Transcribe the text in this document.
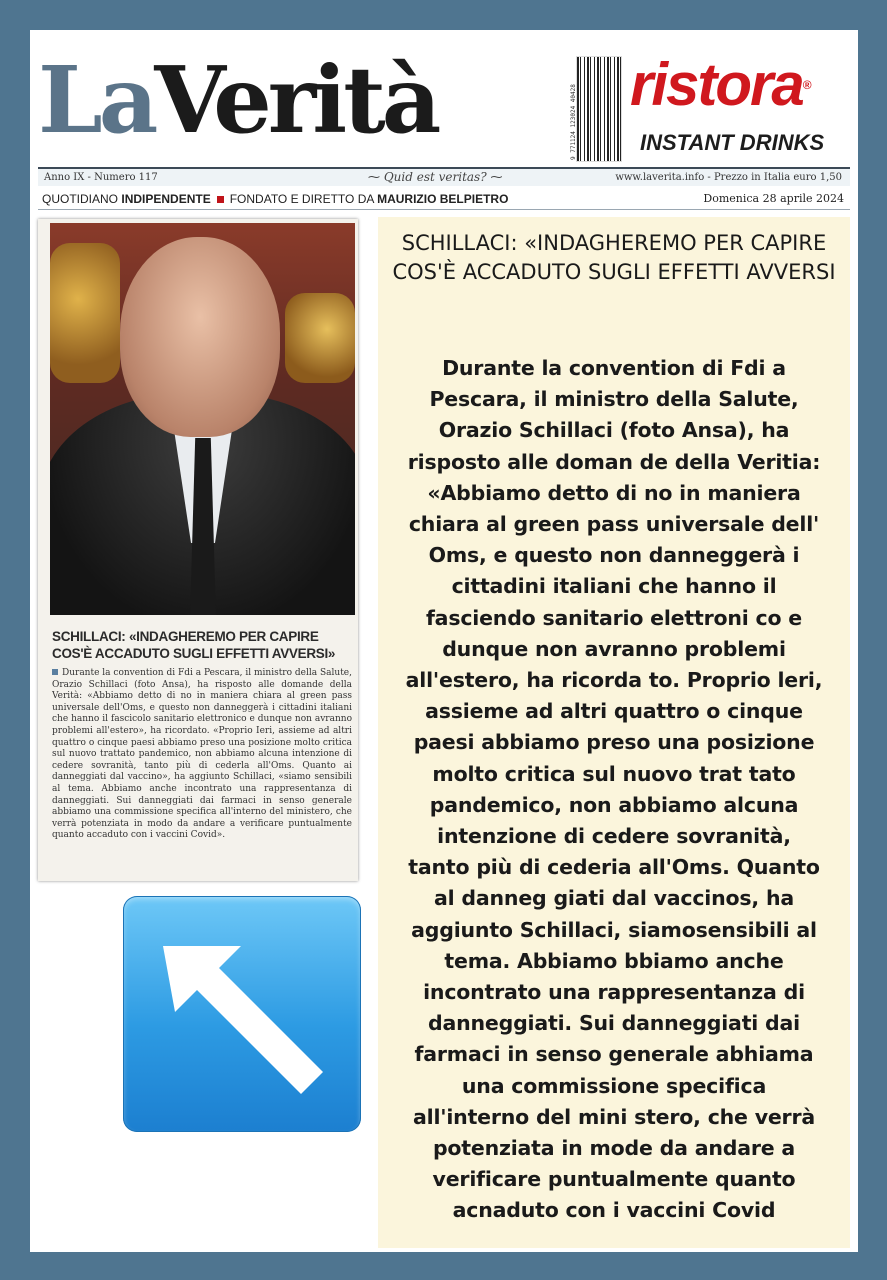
LaVerità	9 771124 123024 40428 ristora®
INSTANT DRINKS
Anno IX - Numero 117	⁓ Quid est veritas? ⁓	www.laverita.info - Prezzo in Italia euro 1,50
QUOTIDIANO INDIPENDENTE FONDATO E DIRETTO DA MAURIZIO BELPIETRO	Domenica 28 aprile 2024
SCHILLACI: «INDAGHEREMO PER CAPIRE COS'È ACCADUTO SUGLI EFFETTI AVVERSI»
Durante la convention di Fdi a Pescara, il ministro della Salute, Orazio Schillaci (foto Ansa), ha risposto alle domande della Verità: «Abbiamo detto di no in maniera chiara al green pass universale dell'Oms, e questo non danneggerà i cittadini italiani che hanno il fascicolo sanitario elettronico e dunque non avranno problemi all'estero», ha ricordato. «Proprio Ieri, assieme ad altri quattro o cinque paesi abbiamo preso una posizione molto critica sul nuovo trattato pandemico, non abbiamo alcuna intenzione di cedere sovranità, tanto più di cederla all'Oms. Quanto ai danneggiati dal vaccino», ha aggiunto Schillaci, «siamo sensibili al tema. Abbiamo anche incontrato una rappresentanza di danneggiati. Sui danneggiati dai farmaci in senso generale abbiamo una commissione specifica all'interno del ministero, che verrà potenziata in modo da andare a verificare puntualmente quanto accaduto con i vaccini Covid».
SCHILLACI: «INDAGHEREMO PER CAPIRE COS'È ACCADUTO SUGLI EFFETTI AVVERSI
Durante la convention di Fdi a
Pescara, il ministro della Salute,
Orazio Schillaci (foto Ansa), ha
risposto alle doman de della Veritia:
«Abbiamo detto di no in maniera
chiara al green pass universale dell'
Oms, e questo non danneggerà i
cittadini italiani che hanno il
fasciendo sanitario elettroni co e
dunque non avranno problemi
all'estero, ha ricorda to. Proprio leri,
assieme ad altri quattro o cinque
paesi abbiamo preso una posizione
molto critica sul nuovo trat tato
pandemico, non abbiamo alcuna
intenzione di cedere sovranità,
tanto più di cederia all'Oms. Quanto
al danneg giati dal vaccinos, ha
aggiunto Schillaci, siamosensibili al
tema. Abbiamo bbiamo anche
incontrato una rappresentanza di
danneggiati. Sui danneggiati dai
farmaci in senso generale abhiama
una commissione specifica
all'interno del mini stero, che verrà
potenziata in mode da andare a
verificare puntualmente quanto
acnaduto con i vaccini Covid
